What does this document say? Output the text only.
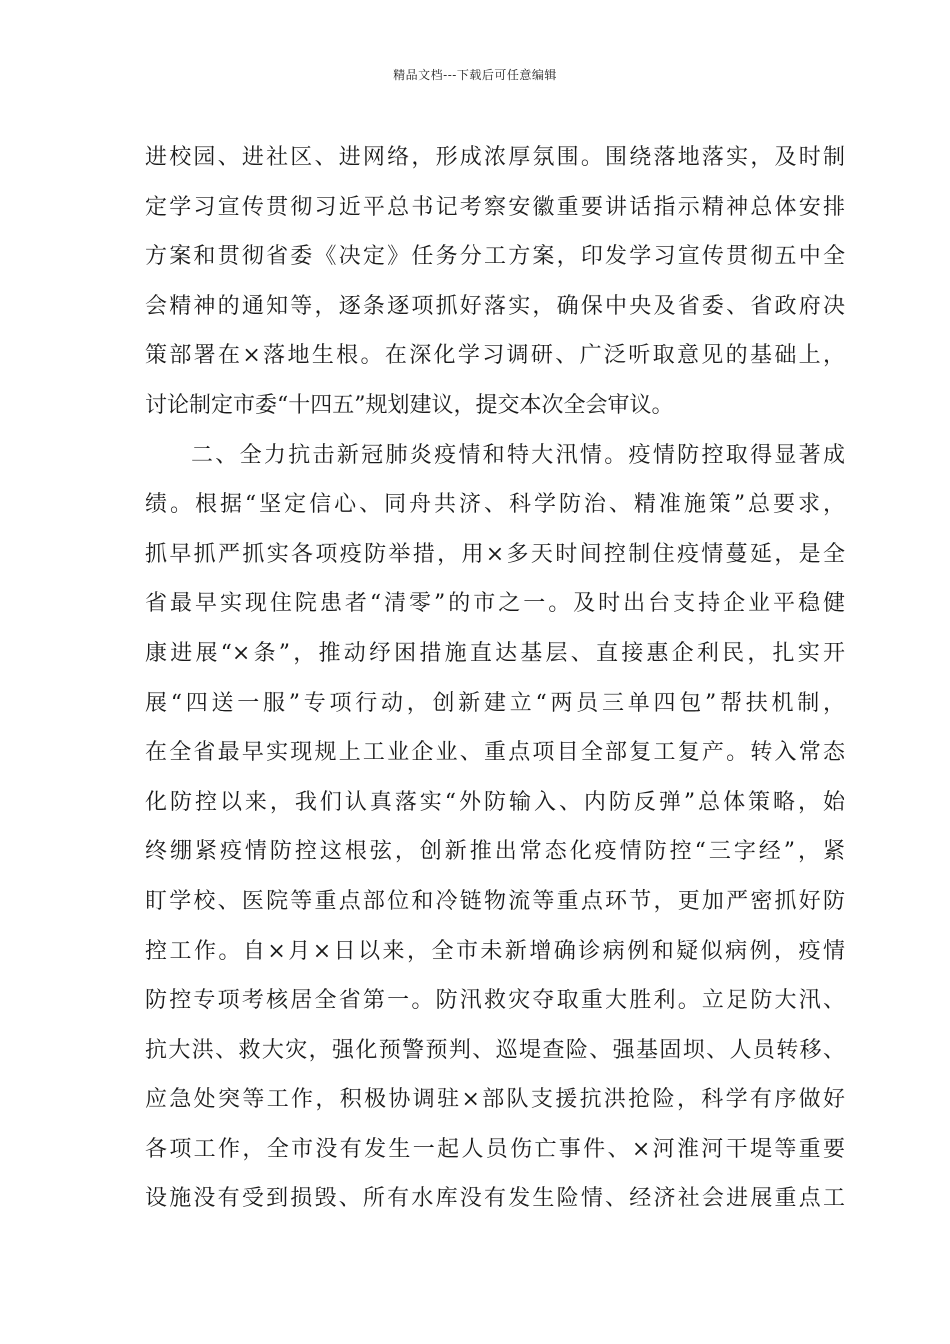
精品文档---下载后可任意编辑
进校园、进社区、进网络，形成浓厚氛围。围绕落地落实，及时制
定学习宣传贯彻习近平总书记考察安徽重要讲话指示精神总体安排
方案和贯彻省委《决定》任务分工方案，印发学习宣传贯彻五中全
会精神的通知等，逐条逐项抓好落实，确保中央及省委、省政府决
策部署在×落地生根。在深化学习调研、广泛听取意见的基础上，
讨论制定市委“十四五”规划建议，提交本次全会审议。
二、全力抗击新冠肺炎疫情和特大汛情。疫情防控取得显著成
绩。根据“坚定信心、同舟共济、科学防治、精准施策”总要求，
抓早抓严抓实各项疫防举措，用×多天时间控制住疫情蔓延，是全
省最早实现住院患者“清零”的市之一。及时出台支持企业平稳健
康进展“×条”，推动纾困措施直达基层、直接惠企利民，扎实开
展“四送一服”专项行动，创新建立“两员三单四包”帮扶机制，
在全省最早实现规上工业企业、重点项目全部复工复产。转入常态
化防控以来，我们认真落实“外防输入、内防反弹”总体策略，始
终绷紧疫情防控这根弦，创新推出常态化疫情防控“三字经”，紧
盯学校、医院等重点部位和冷链物流等重点环节，更加严密抓好防
控工作。自×月×日以来，全市未新增确诊病例和疑似病例，疫情
防控专项考核居全省第一。防汛救灾夺取重大胜利。立足防大汛、
抗大洪、救大灾，强化预警预判、巡堤查险、强基固坝、人员转移、
应急处突等工作，积极协调驻×部队支援抗洪抢险，科学有序做好
各项工作，全市没有发生一起人员伤亡事件、×河淮河干堤等重要
设施没有受到损毁、所有水库没有发生险情、经济社会进展重点工
